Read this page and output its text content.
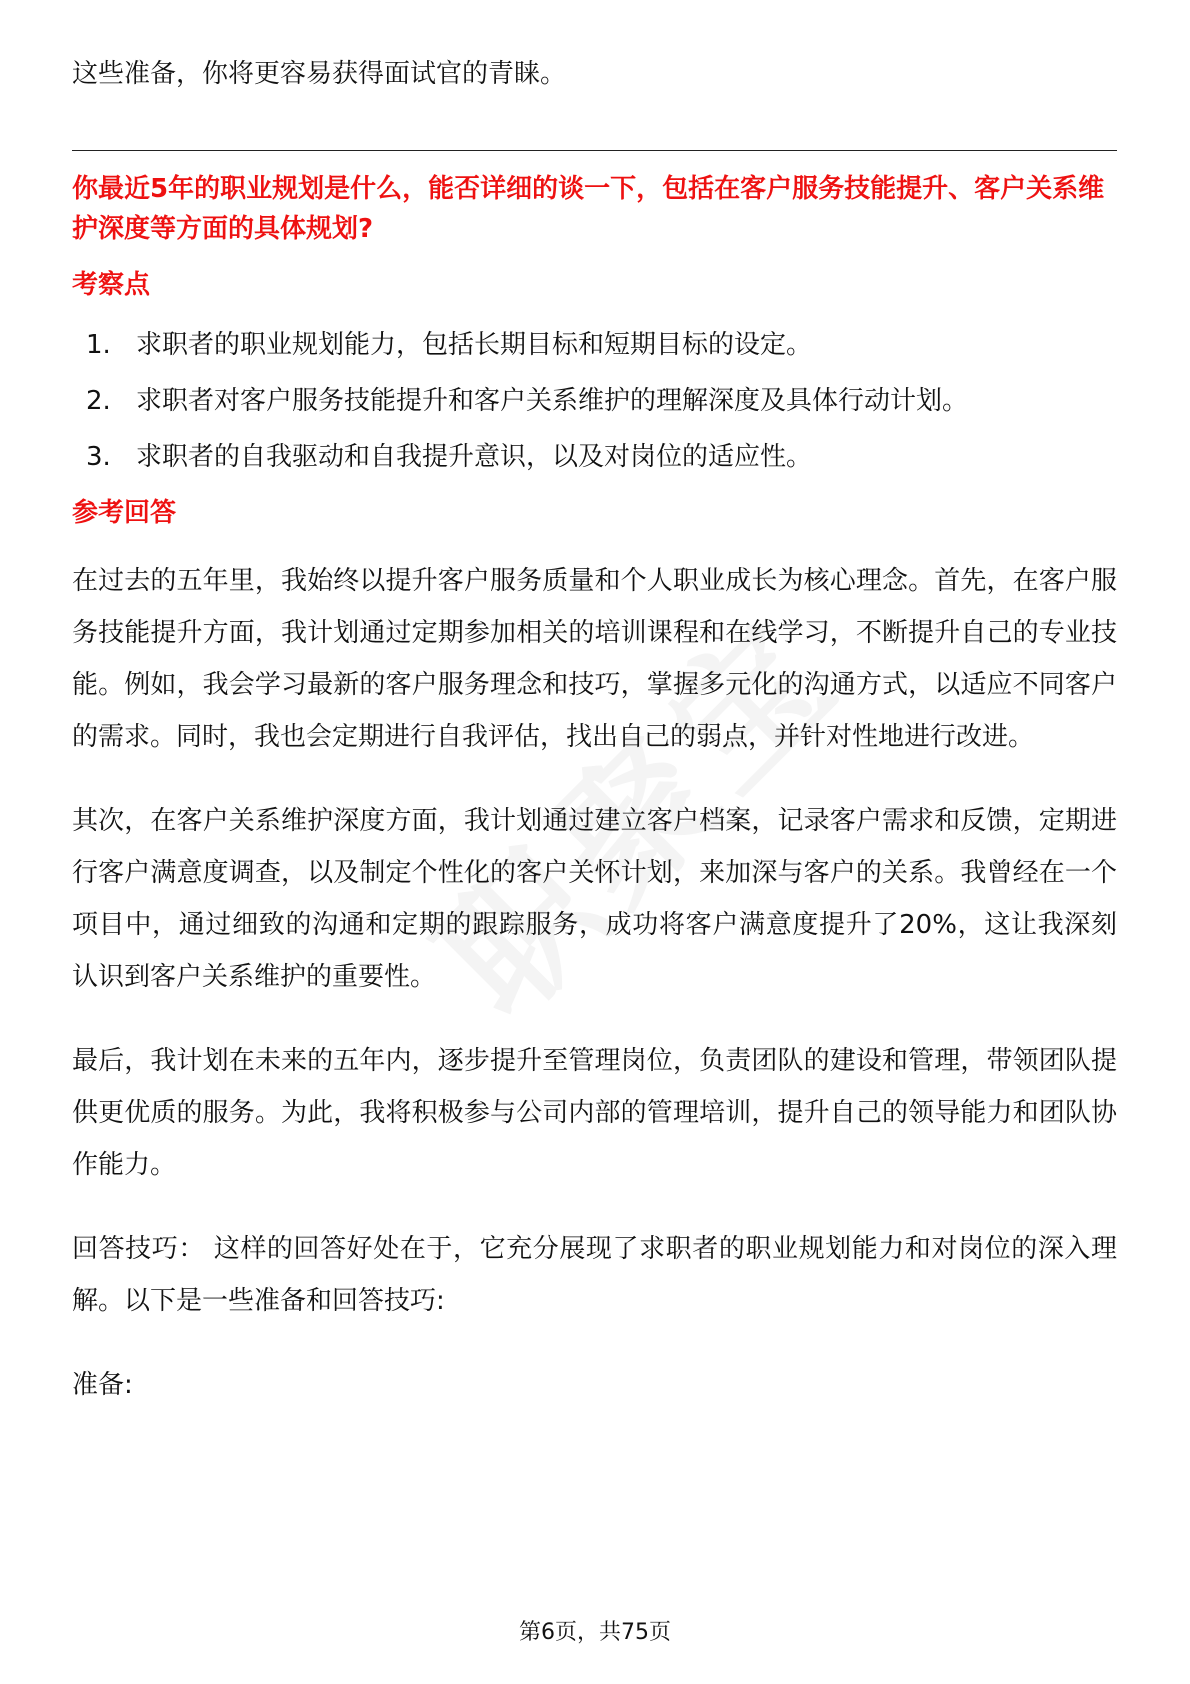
这些准备，你将更容易获得面试官的青睐。

你最近5年的职业规划是什么，能否详细的谈一下，包括在客户服务技能提升、客户关系维护深度等方面的具体规划?

考察点
1. 求职者的职业规划能力，包括长期目标和短期目标的设定。
2. 求职者对客户服务技能提升和客户关系维护的理解深度及具体行动计划。
3. 求职者的自我驱动和自我提升意识，以及对岗位的适应性。
参考回答

在过去的五年里，我始终以提升客户服务质量和个人职业成长为核心理念。首先，在客户服务技能提升方面，我计划通过定期参加相关的培训课程和在线学习，不断提升自己的专业技能。例如，我会学习最新的客户服务理念和技巧，掌握多元化的沟通方式，以适应不同客户的需求。同时，我也会定期进行自我评估，找出自己的弱点，并针对性地进行改进。

其次，在客户关系维护深度方面，我计划通过建立客户档案，记录客户需求和反馈，定期进行客户满意度调查，以及制定个性化的客户关怀计划，来加深与客户的关系。我曾经在一个项目中，通过细致的沟通和定期的跟踪服务，成功将客户满意度提升了20%，这让我深刻认识到客户关系维护的重要性。

最后，我计划在未来的五年内，逐步提升至管理岗位，负责团队的建设和管理，带领团队提供更优质的服务。为此，我将积极参与公司内部的管理培训，提升自己的领导能力和团队协作能力。

回答技巧： 这样的回答好处在于，它充分展现了求职者的职业规划能力和对岗位的深入理解。以下是一些准备和回答技巧:

准备:

第6页，共75页
